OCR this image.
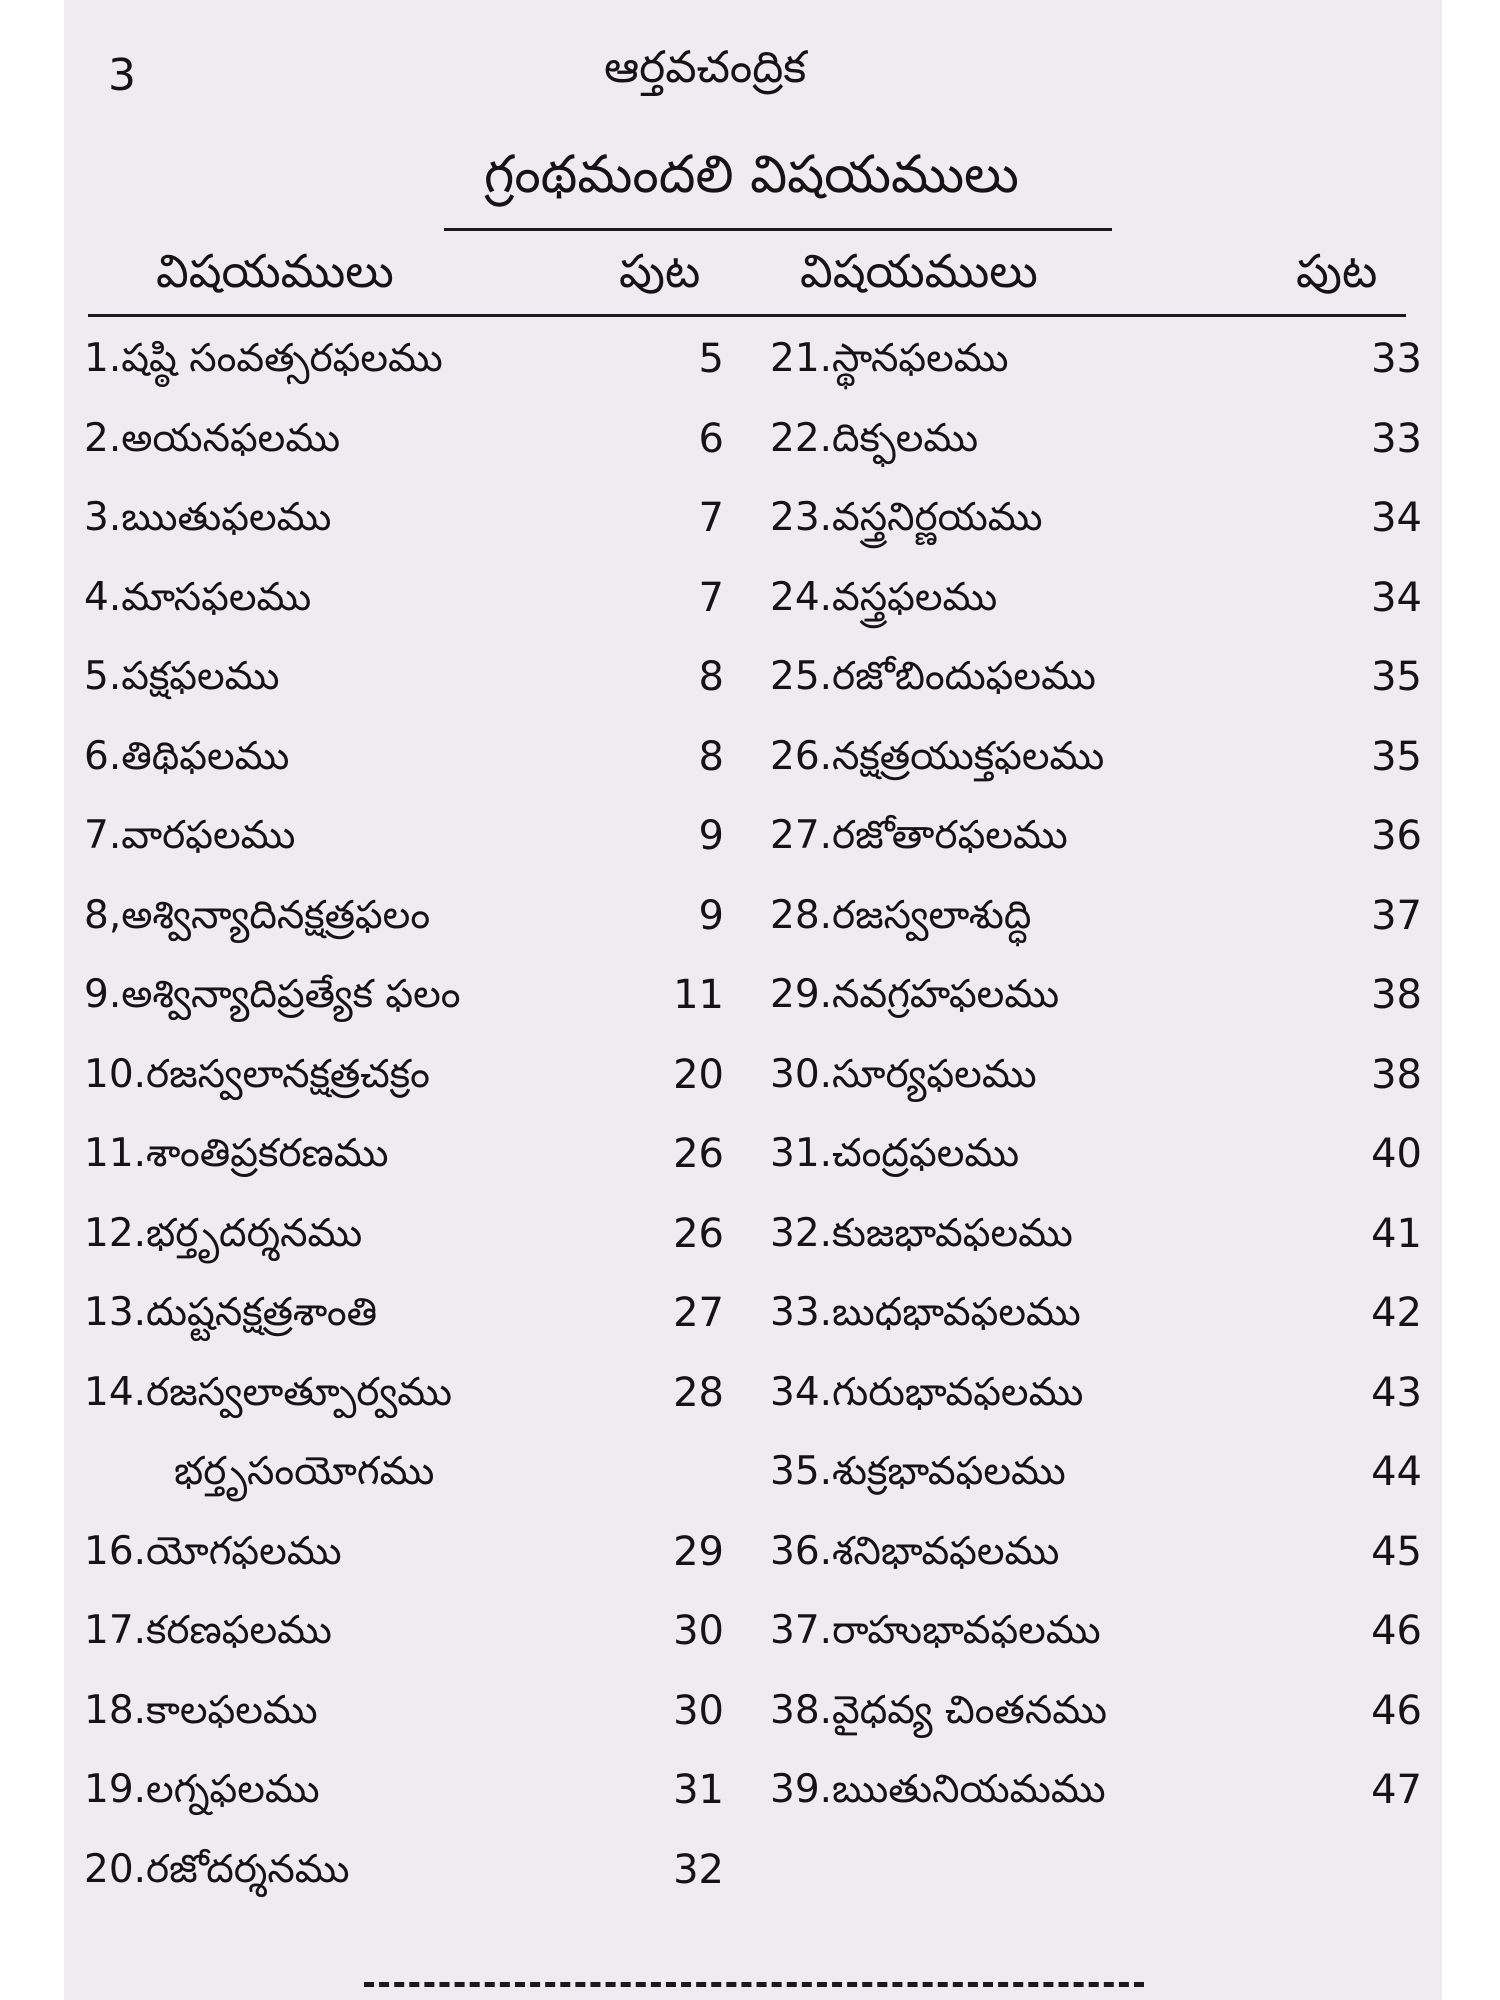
3	ఆర్తవచంద్రిక
గ్రంథమందలి విషయములు
విషయములు	పుట విషయములు	పుట
1.షష్ఠి సంవత్సరఫలము	5
2.అయనఫలము	6
3.ఋతుఫలము	7
4.మాసఫలము	7
5.పక్షఫలము	8
6.తిథిఫలము	8
7.వారఫలము	9
8,అశ్విన్యాదినక్షత్రఫలం	9
9.అశ్విన్యాదిప్రత్యేక ఫలం	11
10.రజస్వలానక్షత్రచక్రం	20
11.శాంతిప్రకరణము	26
12.భర్తృదర్శనము	26
13.దుష్టనక్షత్రశాంతి	27
14.రజస్వలాత్పూర్వము	28
భర్తృసంయోగము
16.యోగఫలము	29
17.కరణఫలము	30
18.కాలఫలము	30
19.లగ్నఫలము	31
20.రజోదర్శనము	32
21.స్థానఫలము	33
22.దిక్ఫలము	33
23.వస్త్రనిర్ణయము	34
24.వస్త్రఫలము	34
25.రజోబిందుఫలము	35
26.నక్షత్రయుక్తఫలము	35
27.రజోతారఫలము	36
28.రజస్వలాశుద్ధి	37
29.నవగ్రహఫలము	38
30.సూర్యఫలము	38
31.చంద్రఫలము	40
32.కుజభావఫలము	41
33.బుధభావఫలము	42
34.గురుభావఫలము	43
35.శుక్రభావఫలము	44
36.శనిభావఫలము	45
37.రాహుభావఫలము	46
38.వైధవ్య చింతనము	46
39.ఋతునియమము	47
